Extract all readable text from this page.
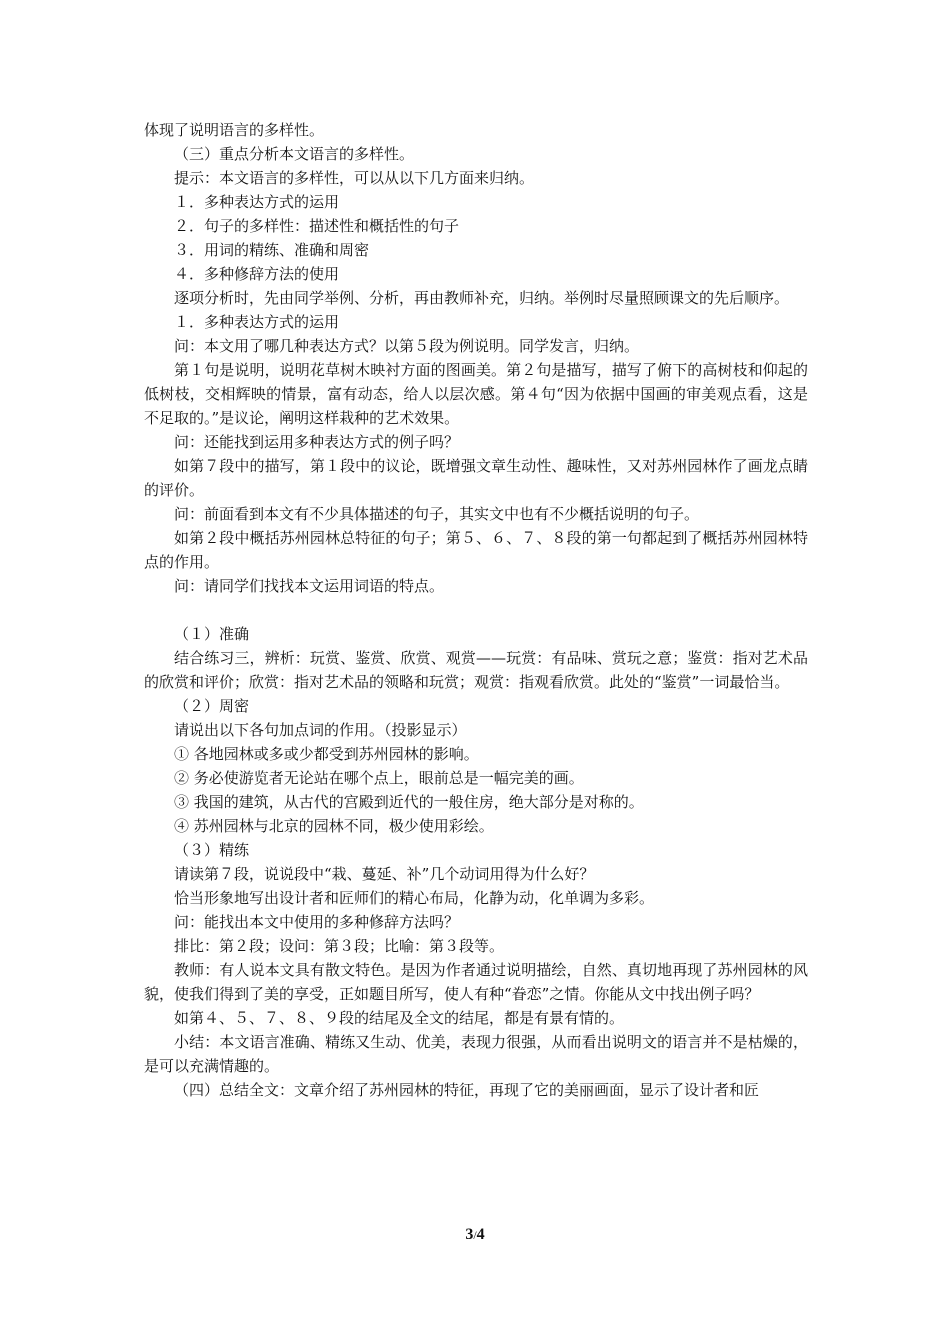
体现了说明语言的多样性。

（三）重点分析本文语言的多样性。

提示：本文语言的多样性，可以从以下几方面来归纳。

１．多种表达方式的运用

２．句子的多样性：描述性和概括性的句子

３．用词的精练、准确和周密

４．多种修辞方法的使用

逐项分析时，先由同学举例、分析，再由教师补充，归纳。举例时尽量照顾课文的先后顺序。

１．多种表达方式的运用

问：本文用了哪几种表达方式？以第５段为例说明。同学发言，归纳。

第１句是说明，说明花草树木映衬方面的图画美。第２句是描写，描写了俯下的高树枝和仰起的低树枝，交相辉映的情景，富有动态，给人以层次感。第４句“因为依据中国画的审美观点看，这是不足取的。”是议论，阐明这样栽种的艺术效果。

问：还能找到运用多种表达方式的例子吗？

如第７段中的描写，第１段中的议论，既增强文章生动性、趣味性，又对苏州园林作了画龙点睛的评价。

问：前面看到本文有不少具体描述的句子，其实文中也有不少概括说明的句子。

如第２段中概括苏州园林总特征的句子；第５、６、７、８段的第一句都起到了概括苏州园林特点的作用。

问：请同学们找找本文运用词语的特点。

（１）准确

结合练习三，辨析：玩赏、鉴赏、欣赏、观赏——玩赏：有品味、赏玩之意；鉴赏：指对艺术品的欣赏和评价；欣赏：指对艺术品的领略和玩赏；观赏：指观看欣赏。此处的“鉴赏”一词最恰当。

（２）周密

请说出以下各句加点词的作用。（投影显示）

① 各地园林或多或少都受到苏州园林的影响。

② 务必使游览者无论站在哪个点上，眼前总是一幅完美的画。

③ 我国的建筑，从古代的宫殿到近代的一般住房，绝大部分是对称的。

④ 苏州园林与北京的园林不同，极少使用彩绘。

（３）精练

请读第７段，说说段中“栽、蔓延、补”几个动词用得为什么好？

恰当形象地写出设计者和匠师们的精心布局，化静为动，化单调为多彩。

问：能找出本文中使用的多种修辞方法吗？

排比：第２段；设问：第３段；比喻：第３段等。

教师：有人说本文具有散文特色。是因为作者通过说明描绘，自然、真切地再现了苏州园林的风貌，使我们得到了美的享受，正如题目所写，使人有种“眷恋”之情。你能从文中找出例子吗？

如第４、５、７、８、９段的结尾及全文的结尾，都是有景有情的。

小结：本文语言准确、精练又生动、优美，表现力很强，从而看出说明文的语言并不是枯燥的，是可以充满情趣的。

（四）总结全文：文章介绍了苏州园林的特征，再现了它的美丽画面，显示了设计者和匠

3/4
